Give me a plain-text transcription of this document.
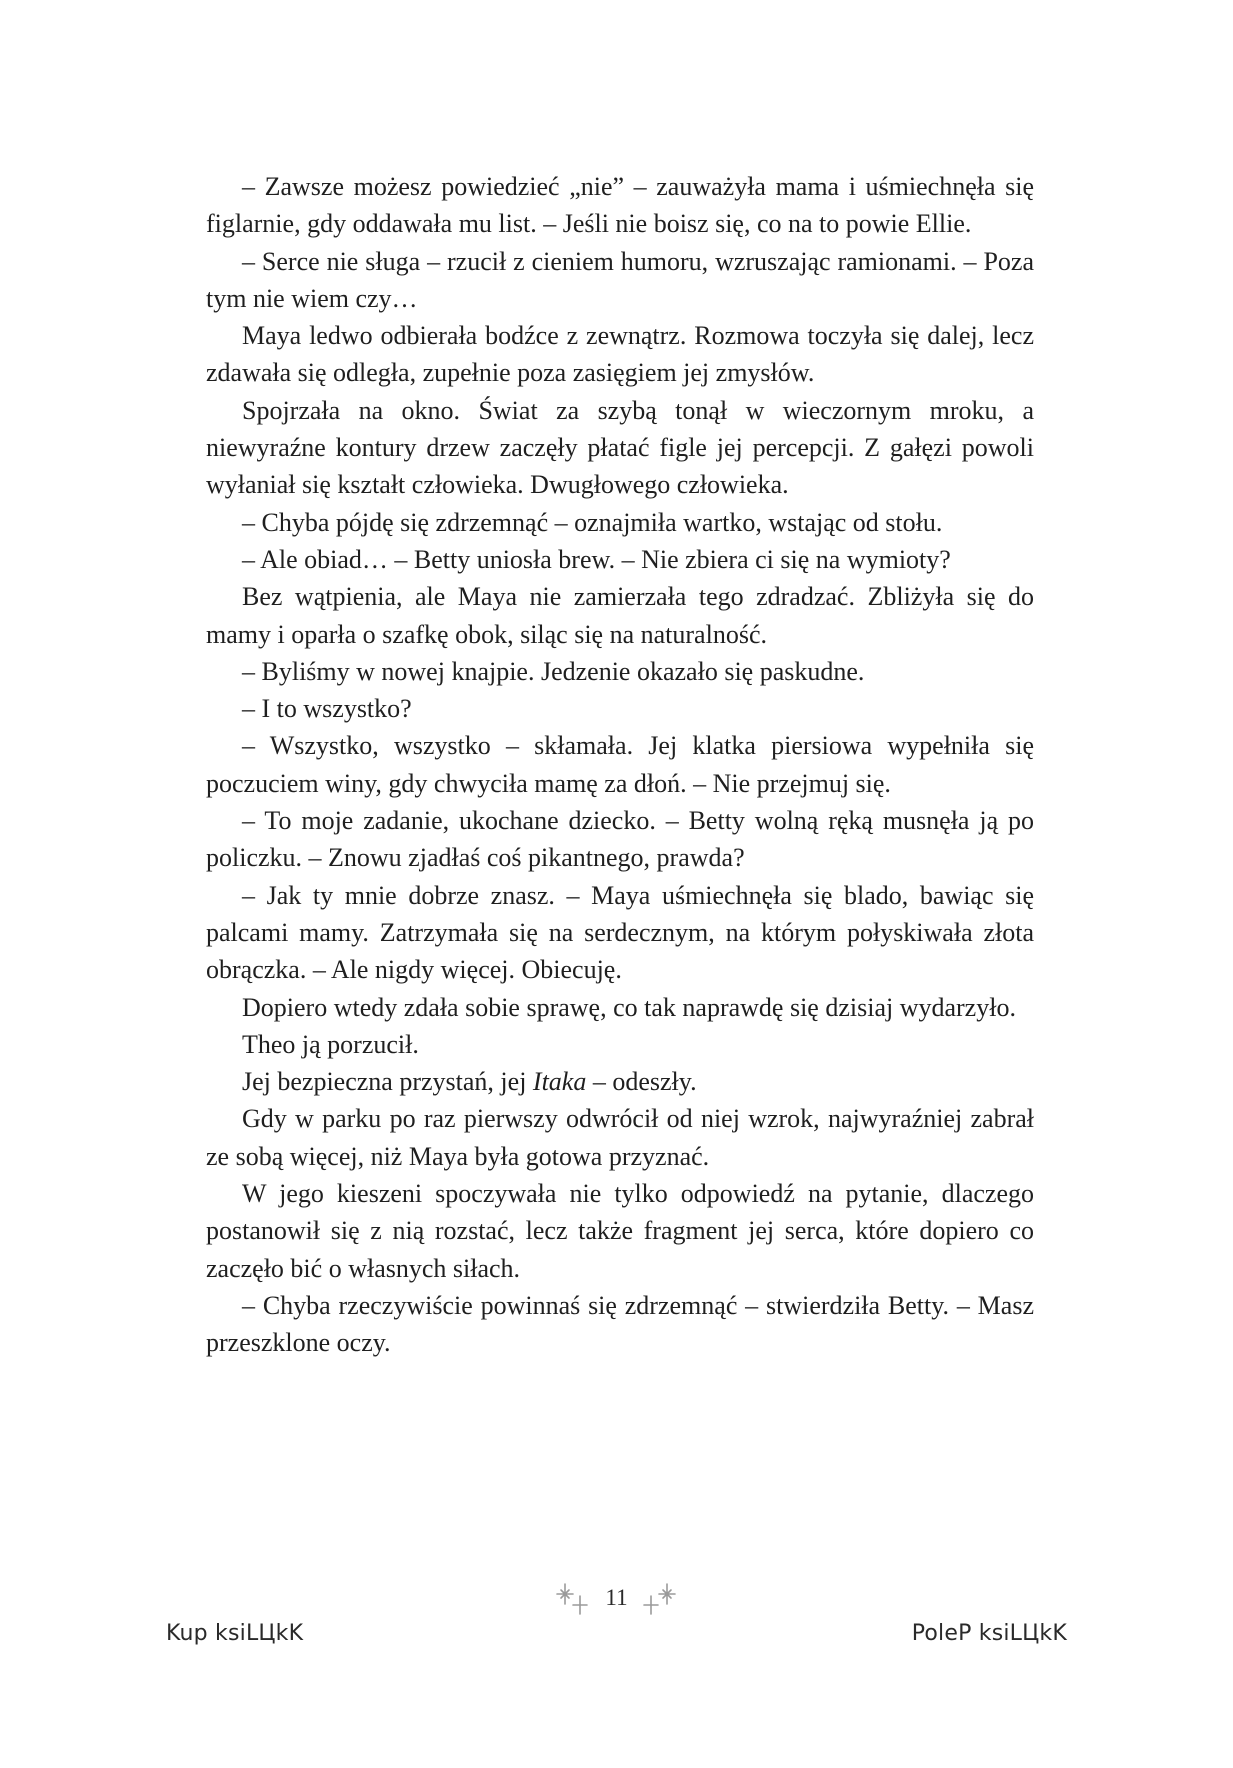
– Zawsze możesz powiedzieć „nie” – zauważyła mama i uśmiechnęła się figlarnie, gdy oddawała mu list. – Jeśli nie boisz się, co na to powie Ellie.

– Serce nie sługa – rzucił z cieniem humoru, wzruszając ramionami. – Poza tym nie wiem czy…

Maya ledwo odbierała bodźce z zewnątrz. Rozmowa toczyła się dalej, lecz zdawała się odległa, zupełnie poza zasięgiem jej zmysłów.

Spojrzała na okno. Świat za szybą tonął w wieczornym mroku, a niewyraźne kontury drzew zaczęły płatać figle jej percepcji. Z gałęzi powoli wyłaniał się kształt człowieka. Dwugłowego człowieka.

– Chyba pójdę się zdrzemnąć – oznajmiła wartko, wstając od stołu.

– Ale obiad… – Betty uniosła brew. – Nie zbiera ci się na wymioty?

Bez wątpienia, ale Maya nie zamierzała tego zdradzać. Zbliżyła się do mamy i oparła o szafkę obok, siląc się na naturalność.

– Byliśmy w nowej knajpie. Jedzenie okazało się paskudne.

– I to wszystko?

– Wszystko, wszystko – skłamała. Jej klatka piersiowa wypełniła się poczuciem winy, gdy chwyciła mamę za dłoń. – Nie przejmuj się.

– To moje zadanie, ukochane dziecko. – Betty wolną ręką musnęła ją po policzku. – Znowu zjadłaś coś pikantnego, prawda?

– Jak ty mnie dobrze znasz. – Maya uśmiechnęła się blado, bawiąc się palcami mamy. Zatrzymała się na serdecznym, na którym połyskiwała złota obrączka. – Ale nigdy więcej. Obiecuję.

Dopiero wtedy zdała sobie sprawę, co tak naprawdę się dzisiaj wydarzyło.

Theo ją porzucił.

Jej bezpieczna przystań, jej Itaka – odeszły.

Gdy w parku po raz pierwszy odwrócił od niej wzrok, najwyraźniej zabrał ze sobą więcej, niż Maya była gotowa przyznać.

W jego kieszeni spoczywała nie tylko odpowiedź na pytanie, dlaczego postanowił się z nią rozstać, lecz także fragment jej serca, które dopiero co zaczęło bić o własnych siłach.

– Chyba rzeczywiście powinnaś się zdrzemnąć – stwierdziła Betty. – Masz przeszklone oczy.

11
Kup ksiLЦkK	PoleP ksiLЦkK
